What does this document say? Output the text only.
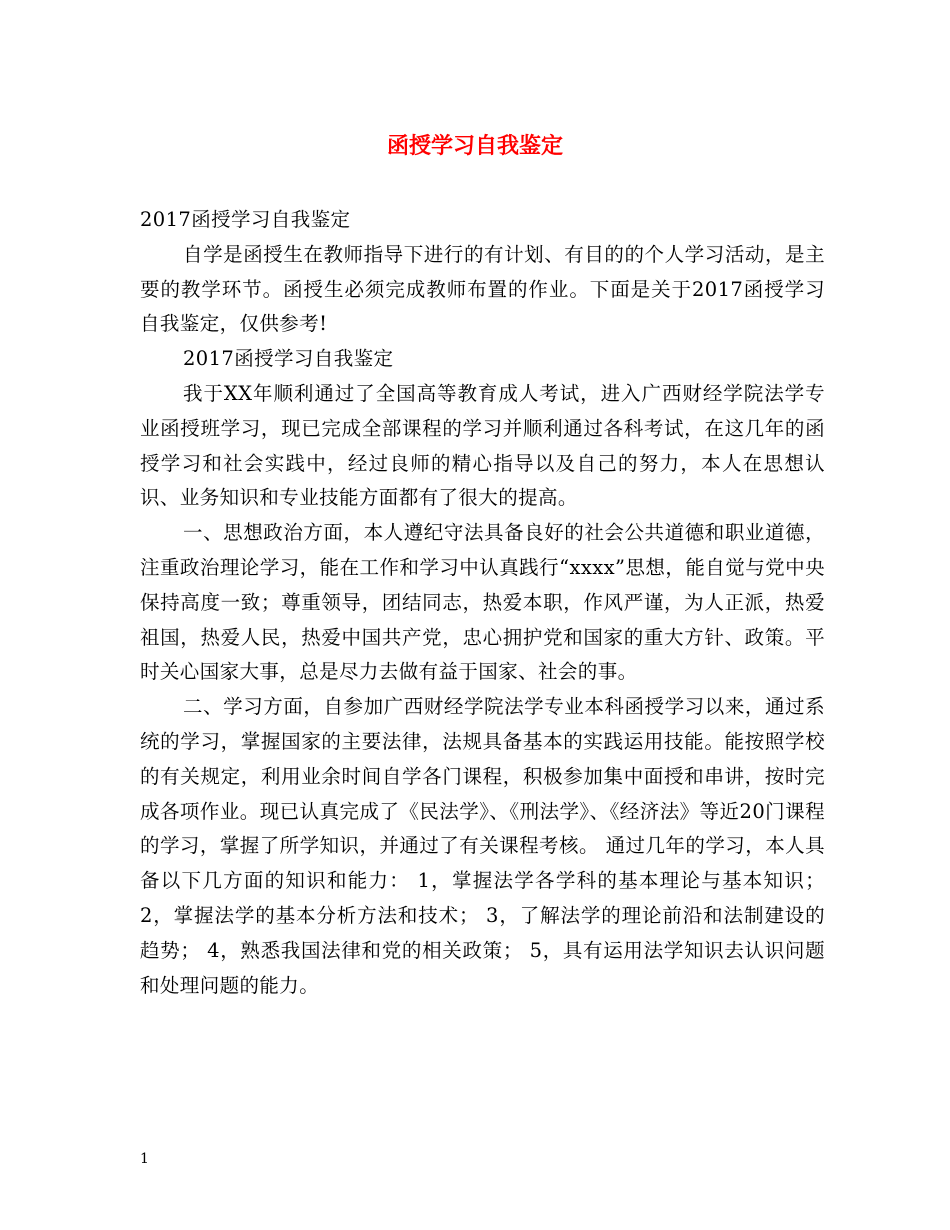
函授学习自我鉴定

2017函授学习自我鉴定

自学是函授生在教师指导下进行的有计划、有目的的个人学习活动，是主要的教学环节。函授生必须完成教师布置的作业。下面是关于2017函授学习自我鉴定，仅供参考!

2017函授学习自我鉴定

我于XX年顺利通过了全国高等教育成人考试，进入广西财经学院法学专业函授班学习，现已完成全部课程的学习并顺利通过各科考试，在这几年的函授学习和社会实践中，经过良师的精心指导以及自己的努力，本人在思想认识、业务知识和专业技能方面都有了很大的提高。

一、思想政治方面，本人遵纪守法具备良好的社会公共道德和职业道德，注重政治理论学习，能在工作和学习中认真践行“xxxx”思想，能自觉与党中央保持高度一致；尊重领导，团结同志，热爱本职，作风严谨，为人正派，热爱祖国，热爱人民，热爱中国共产党，忠心拥护党和国家的重大方针、政策。平时关心国家大事，总是尽力去做有益于国家、社会的事。

二、学习方面，自参加广西财经学院法学专业本科函授学习以来，通过系统的学习，掌握国家的主要法律，法规具备基本的实践运用技能。能按照学校的有关规定，利用业余时间自学各门课程，积极参加集中面授和串讲，按时完成各项作业。现已认真完成了《民法学》、《刑法学》、《经济法》等近20门课程的学习，掌握了所学知识，并通过了有关课程考核。 通过几年的学习，本人具备以下几方面的知识和能力： 1，掌握法学各学科的基本理论与基本知识； 2，掌握法学的基本分析方法和技术； 3，了解法学的理论前沿和法制建设的趋势； 4，熟悉我国法律和党的相关政策； 5，具有运用法学知识去认识问题和处理问题的能力。

1
